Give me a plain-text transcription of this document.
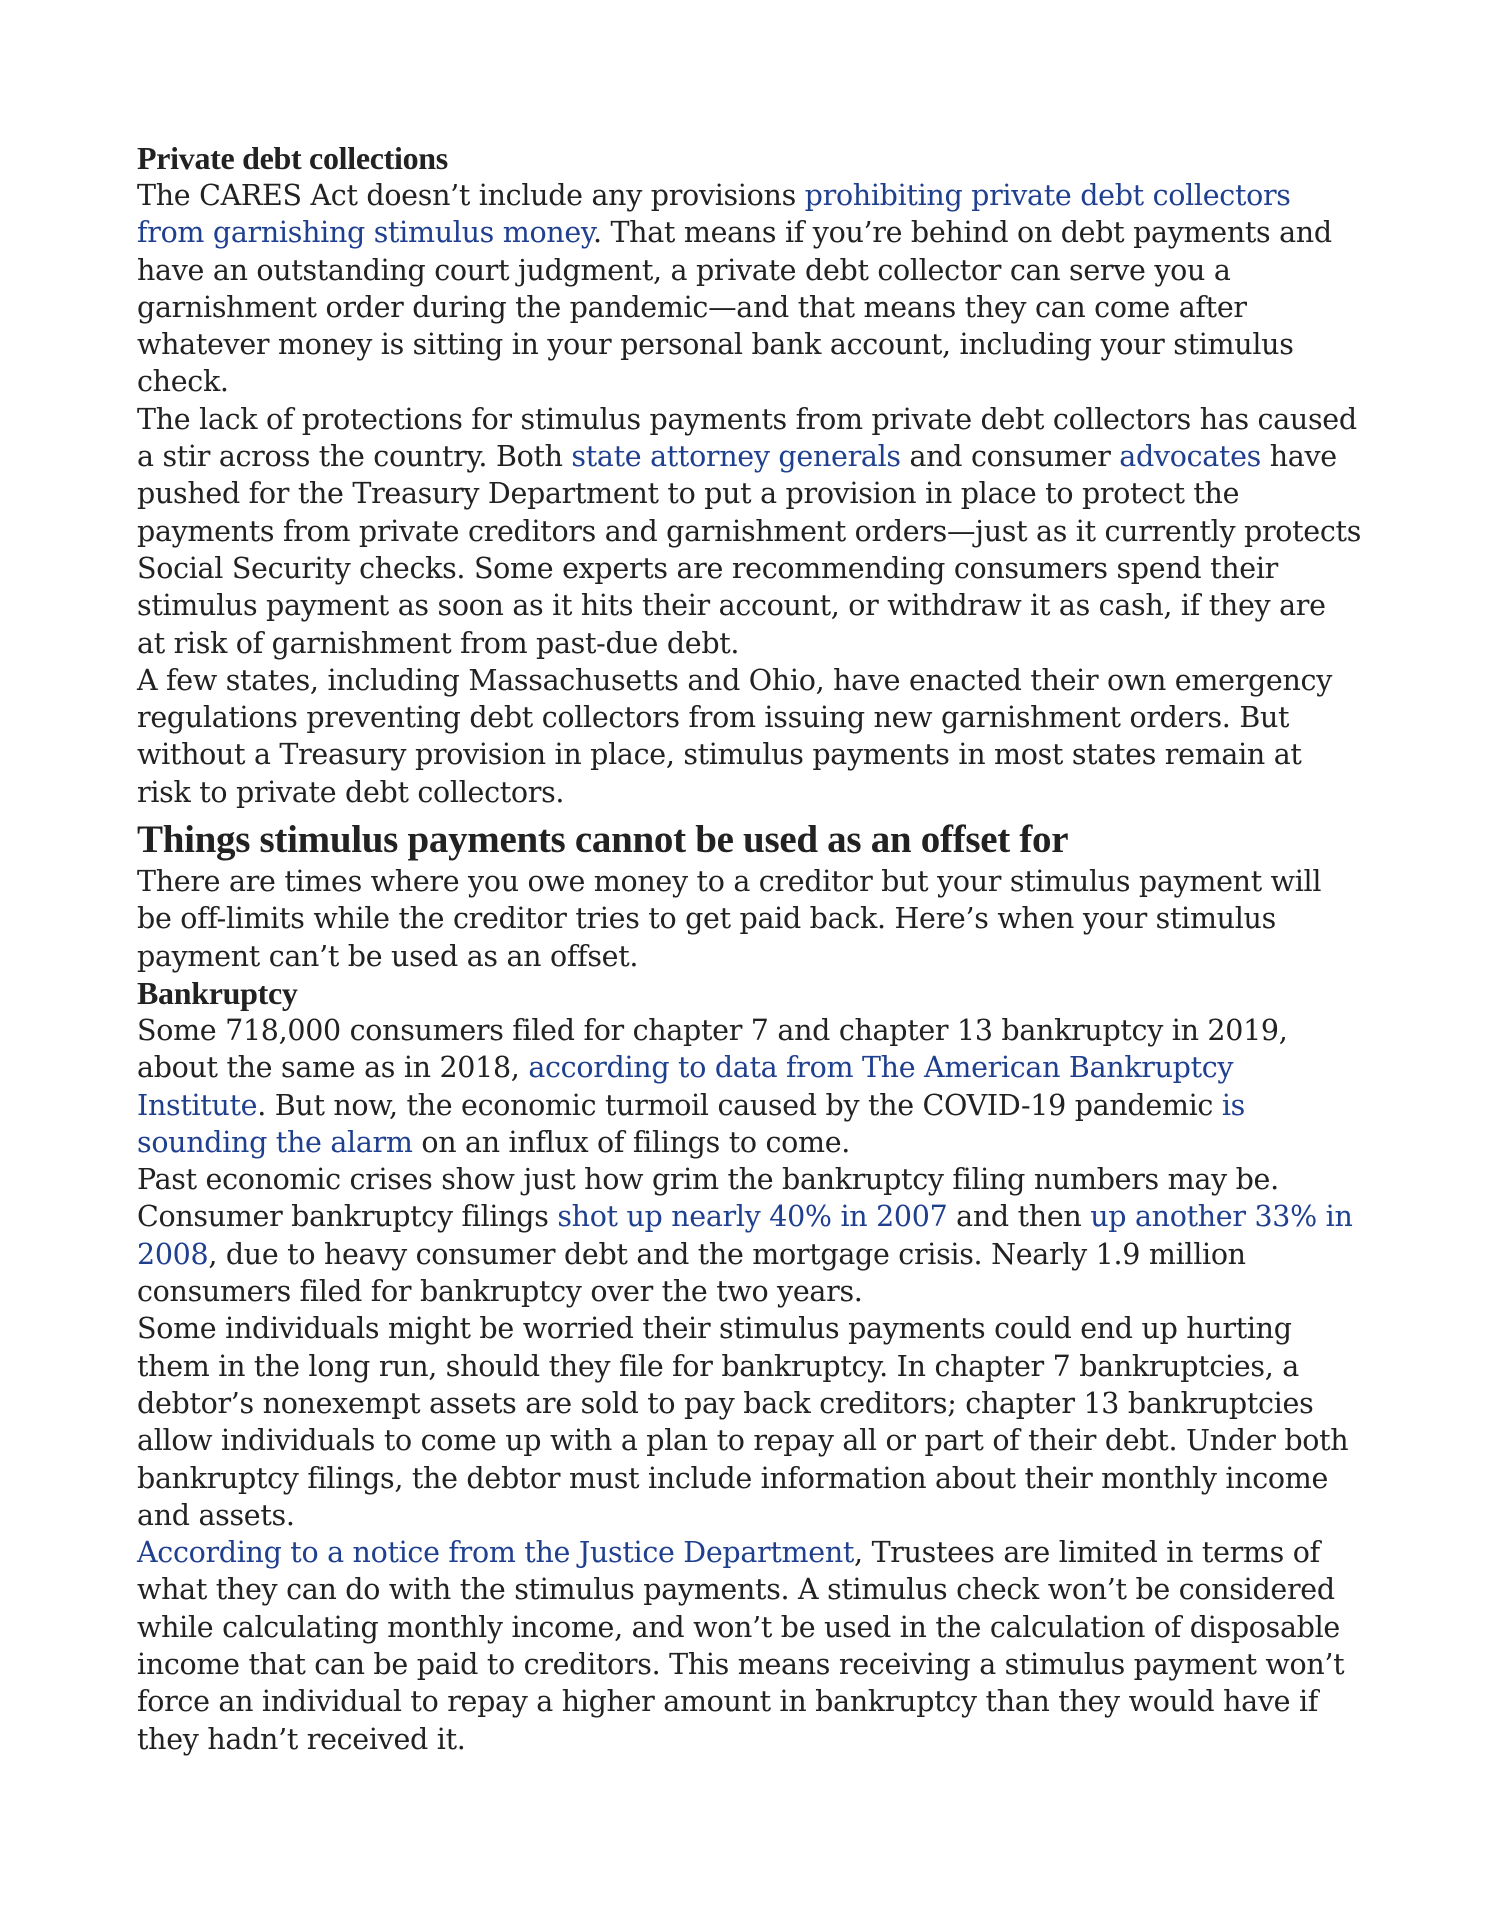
Private debt collections

The CARES Act doesn’t include any provisions prohibiting private debt collectors from garnishing stimulus money. That means if you’re behind on debt payments and have an outstanding court judgment, a private debt collector can serve you a garnishment order during the pandemic—and that means they can come after whatever money is sitting in your personal bank account, including your stimulus check.

The lack of protections for stimulus payments from private debt collectors has caused a stir across the country. Both state attorney generals and consumer advocates have pushed for the Treasury Department to put a provision in place to protect the payments from private creditors and garnishment orders—just as it currently protects Social Security checks. Some experts are recommending consumers spend their stimulus payment as soon as it hits their account, or withdraw it as cash, if they are at risk of garnishment from past-due debt.

A few states, including Massachusetts and Ohio, have enacted their own emergency regulations preventing debt collectors from issuing new garnishment orders. But without a Treasury provision in place, stimulus payments in most states remain at risk to private debt collectors.

Things stimulus payments cannot be used as an offset for

There are times where you owe money to a creditor but your stimulus payment will be off-limits while the creditor tries to get paid back. Here’s when your stimulus payment can’t be used as an offset.

Bankruptcy

Some 718,000 consumers filed for chapter 7 and chapter 13 bankruptcy in 2019, about the same as in 2018, according to data from The American Bankruptcy Institute. But now, the economic turmoil caused by the COVID-19 pandemic is sounding the alarm on an influx of filings to come.

Past economic crises show just how grim the bankruptcy filing numbers may be. Consumer bankruptcy filings shot up nearly 40% in 2007 and then up another 33% in 2008, due to heavy consumer debt and the mortgage crisis. Nearly 1.9 million consumers filed for bankruptcy over the two years.

Some individuals might be worried their stimulus payments could end up hurting them in the long run, should they file for bankruptcy. In chapter 7 bankruptcies, a debtor’s nonexempt assets are sold to pay back creditors; chapter 13 bankruptcies allow individuals to come up with a plan to repay all or part of their debt. Under both bankruptcy filings, the debtor must include information about their monthly income and assets.

According to a notice from the Justice Department, Trustees are limited in terms of what they can do with the stimulus payments. A stimulus check won’t be considered while calculating monthly income, and won’t be used in the calculation of disposable income that can be paid to creditors. This means receiving a stimulus payment won’t force an individual to repay a higher amount in bankruptcy than they would have if they hadn’t received it.
